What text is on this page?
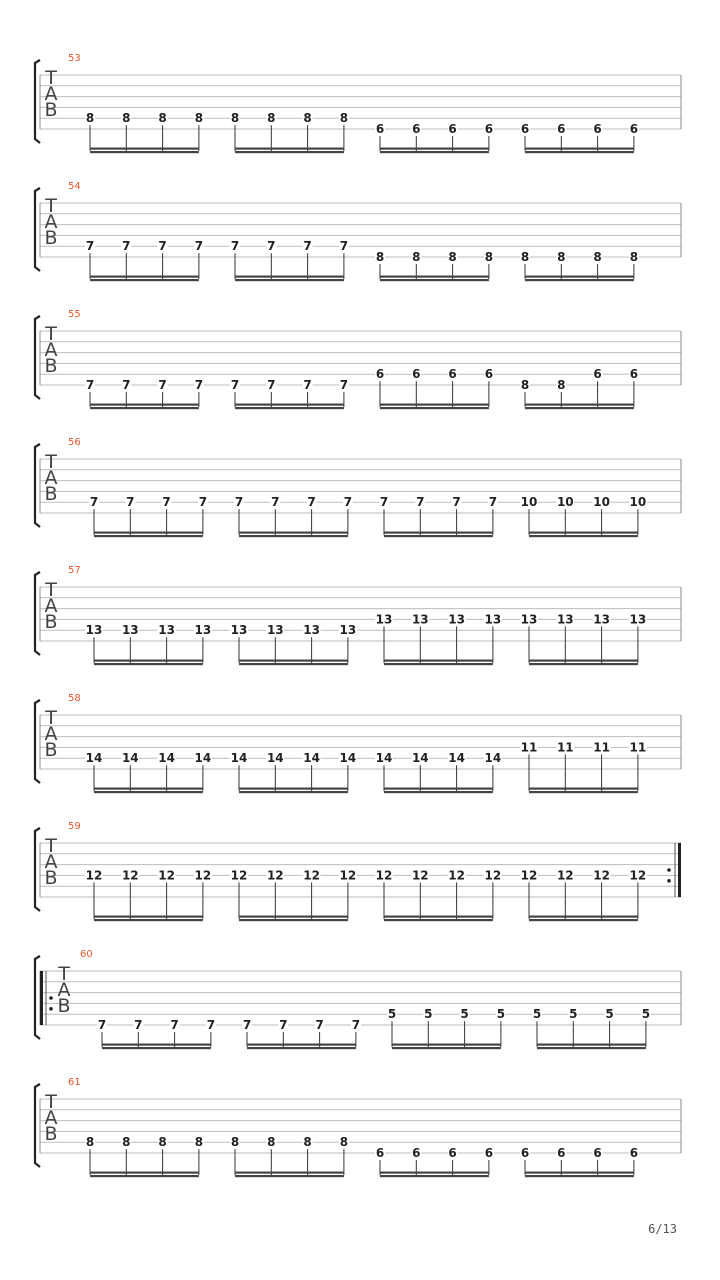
53
T
A
B 8 8 8 8 8 8 8 8
6 6 6 6 6 6 6 6
54
T
A
B 7 7 7 7 7 7 7 7
8 8 8 8 8 8 8 8
55
T
A
B
7 7 7 7 7 7 7 7
6 6 6 6
8 8
6 6
56
T
A
B	7 7 7 7 7 7 7 7 7 7 7 7 10 10 10 10
57
T
A
B 13 13 13 13 13 13 13 13
13 13 13 13 13 13 13 13
58
T
A
B 14 14 14 14 14 14 14 14 14 14 14 14
11 11 11 11
59
T
A
B 12 12 12 12 12 12 12 12 12 12 12 12 12 12 12 12
60
T
A
B
7 7 7 7 7 7 7 7
5 5 5 5 5 5 5 5
61
T
A
B 8 8 8 8 8 8 8 8
6 6 6 6 6 6 6 6
6/13
